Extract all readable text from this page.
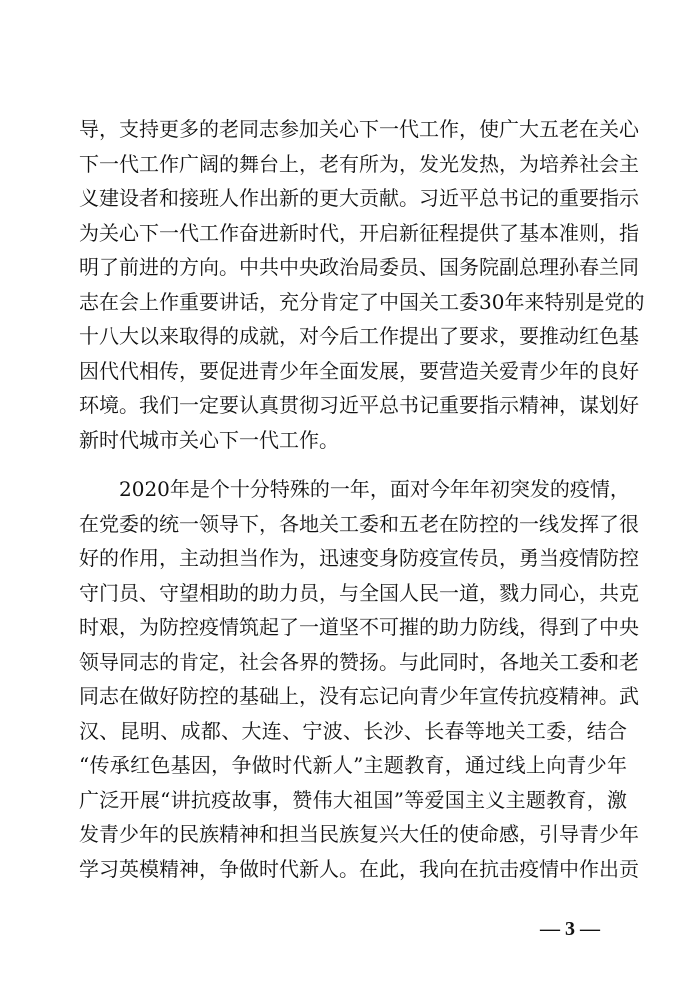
导，支持更多的老同志参加关心下一代工作，使广大五老在关心
下一代工作广阔的舞台上，老有所为，发光发热，为培养社会主
义建设者和接班人作出新的更大贡献。习近平总书记的重要指示
为关心下一代工作奋进新时代，开启新征程提供了基本准则，指
明了前进的方向。中共中央政治局委员、国务院副总理孙春兰同
志在会上作重要讲话，充分肯定了中国关工委30年来特别是党的
十八大以来取得的成就，对今后工作提出了要求，要推动红色基
因代代相传，要促进青少年全面发展，要营造关爱青少年的良好
环境。我们一定要认真贯彻习近平总书记重要指示精神，谋划好
新时代城市关心下一代工作。
2020年是个十分特殊的一年，面对今年年初突发的疫情，
在党委的统一领导下，各地关工委和五老在防控的一线发挥了很
好的作用，主动担当作为，迅速变身防疫宣传员，勇当疫情防控
守门员、守望相助的助力员，与全国人民一道，戮力同心，共克
时艰，为防控疫情筑起了一道坚不可摧的助力防线，得到了中央
领导同志的肯定，社会各界的赞扬。与此同时，各地关工委和老
同志在做好防控的基础上，没有忘记向青少年宣传抗疫精神。武
汉、昆明、成都、大连、宁波、长沙、长春等地关工委，结合
“传承红色基因，争做时代新人”主题教育，通过线上向青少年
广泛开展“讲抗疫故事，赞伟大祖国”等爱国主义主题教育，激
发青少年的民族精神和担当民族复兴大任的使命感，引导青少年
学习英模精神，争做时代新人。在此，我向在抗击疫情中作出贡
— 3 —
